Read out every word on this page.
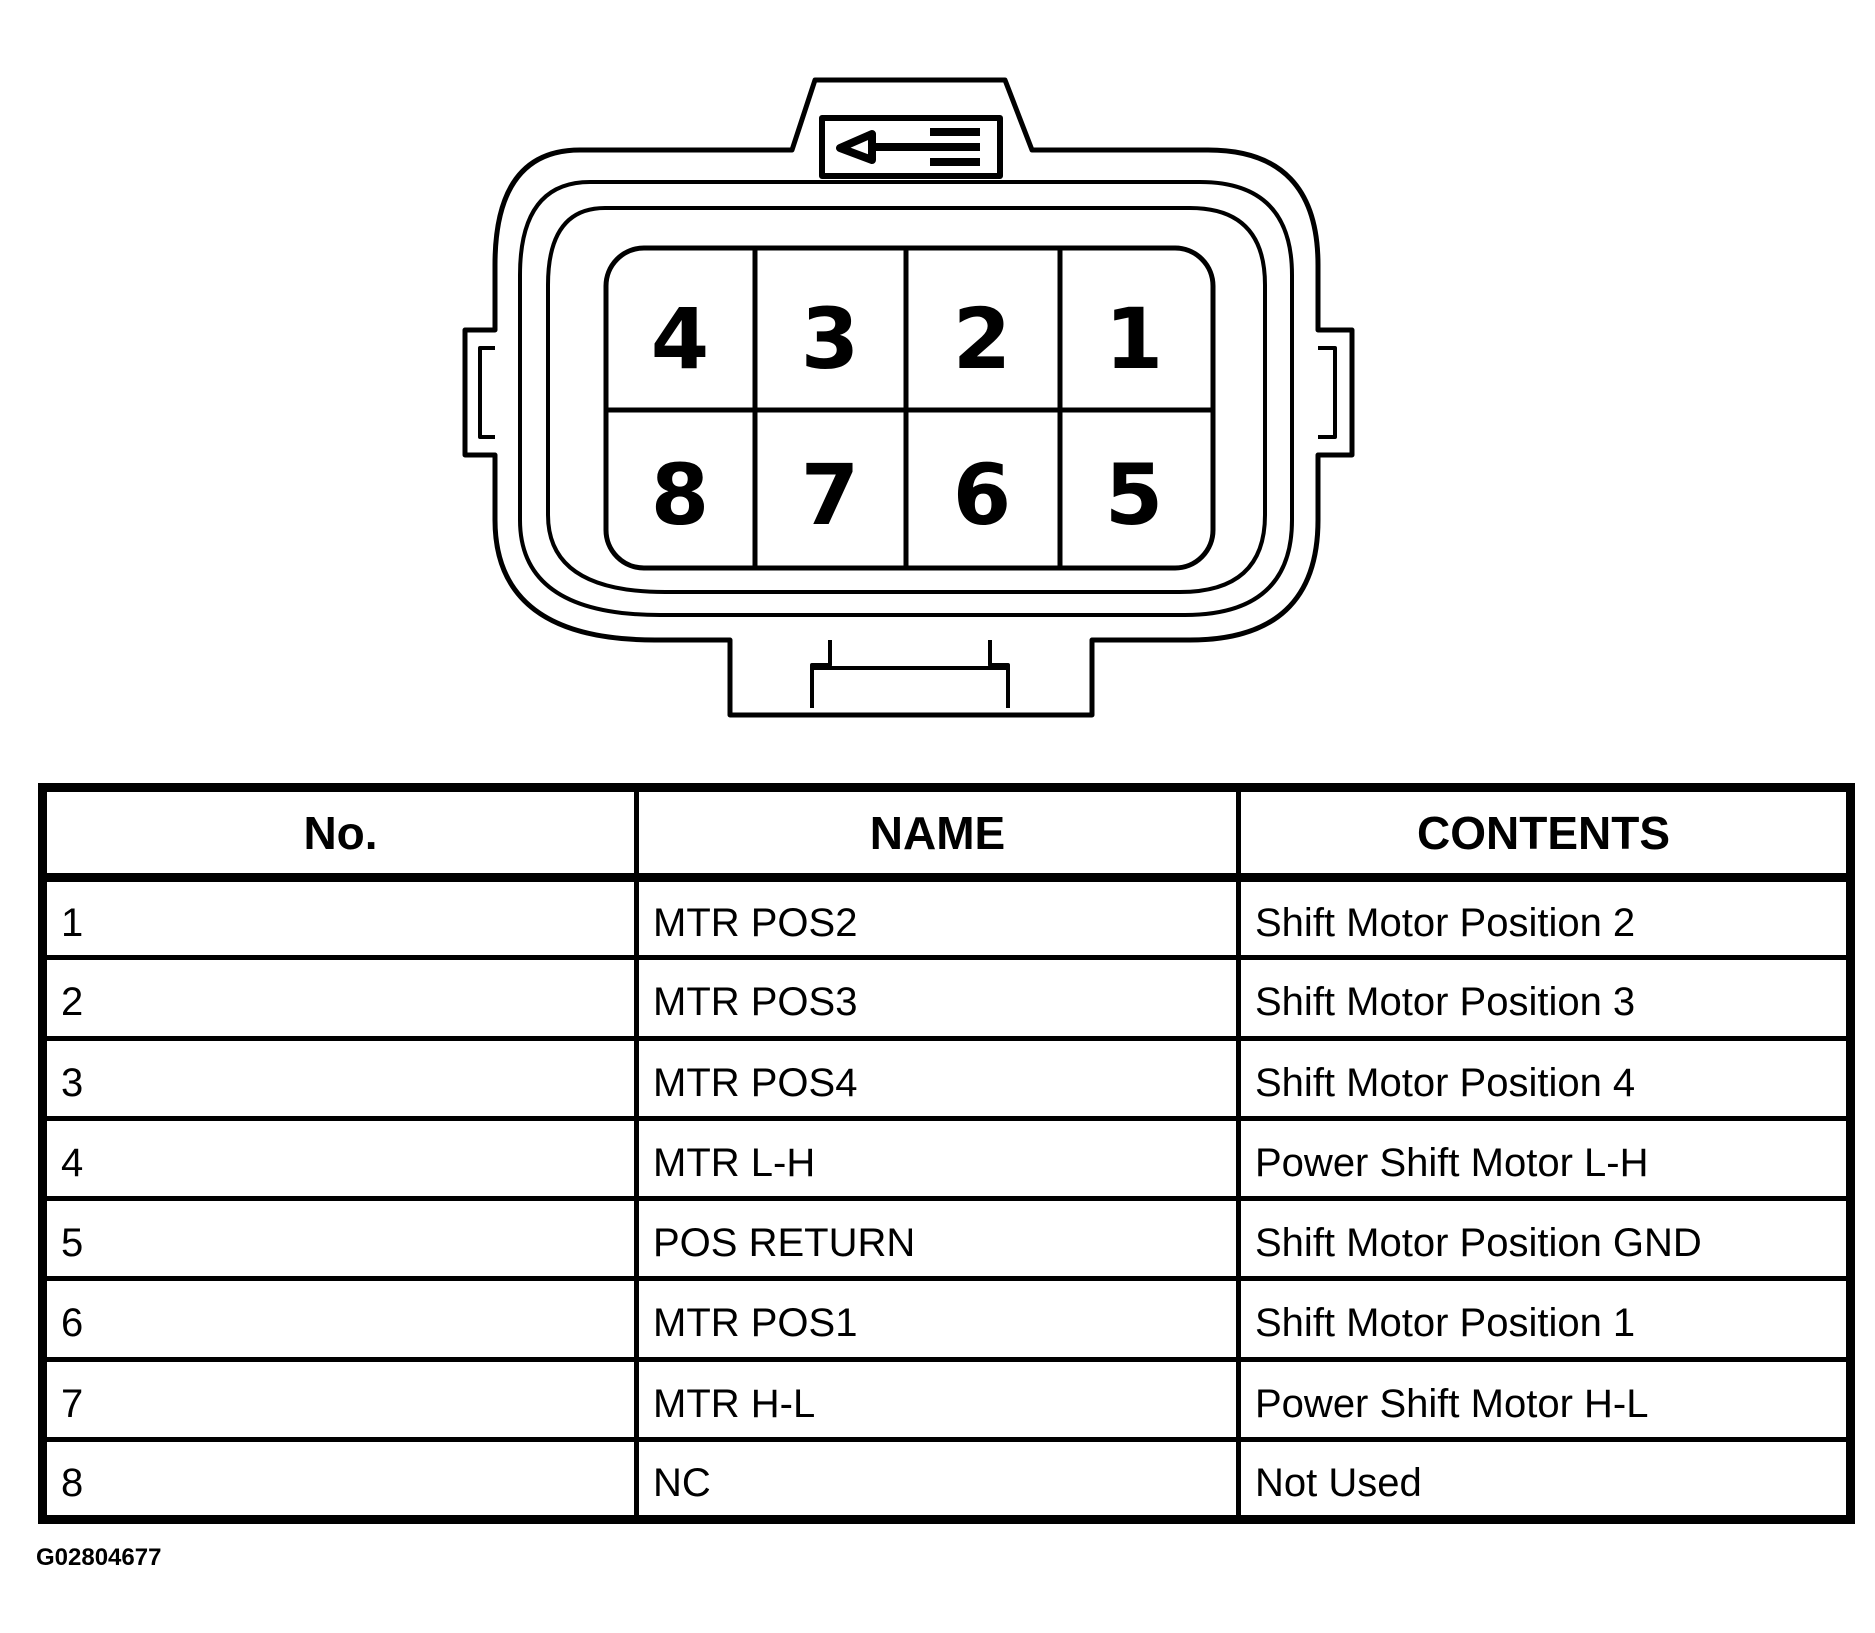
4 3 2 1
8 7 6 5
No.	NAME	CONTENTS
1	MTR POS2	Shift Motor Position 2
2	MTR POS3	Shift Motor Position 3
3	MTR POS4	Shift Motor Position 4
4	MTR L-H	Power Shift Motor L-H
5	POS RETURN	Shift Motor Position GND
6	MTR POS1	Shift Motor Position 1
7	MTR H-L	Power Shift Motor H-L
8	NC	Not Used
G02804677
